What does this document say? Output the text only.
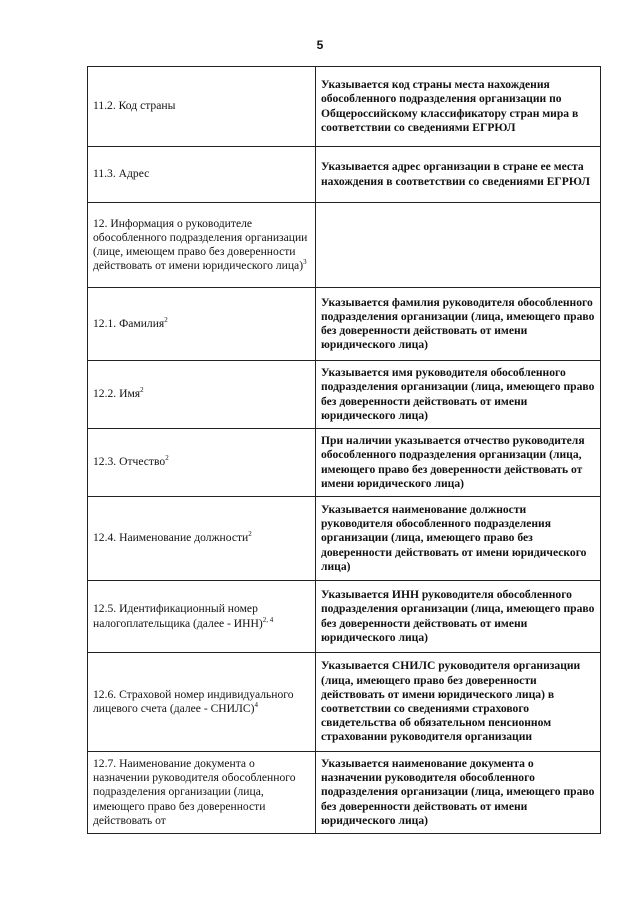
5
11.2. Код страны	Указывается код страны места нахождения обособленного подразделения организации по Общероссийскому классификатору стран мира в соответствии со сведениями ЕГРЮЛ
11.3. Адрес	Указывается адрес организации в стране ее места нахождения в соответствии со сведениями ЕГРЮЛ
12. Информация о руководителе обособленного подразделения организации (лице, имеющем право без доверенности действовать от имени юридического лица)$^3$	
12.1. Фамилия$^2$	Указывается фамилия руководителя обособленного подразделения организации (лица, имеющего право без доверенности действовать от имени юридического лица)
12.2. Имя$^2$	Указывается имя руководителя обособленного подразделения организации (лица, имеющего право без доверенности действовать от имени юридического лица)
12.3. Отчество$^2$	При наличии указывается отчество руководителя обособленного подразделения организации (лица, имеющего право без доверенности действовать от имени юридического лица)
12.4. Наименование должности$^2$	Указывается наименование должности руководителя обособленного подразделения организации (лица, имеющего право без доверенности действовать от имени юридического лица)
12.5. Идентификационный номер налогоплательщика (далее - ИНН)$^{2, 4}$	Указывается ИНН руководителя обособленного подразделения организации (лица, имеющего право без доверенности действовать от имени юридического лица)
12.6. Страховой номер индивидуального лицевого счета (далее - СНИЛС)$^4$	Указывается СНИЛС руководителя организации (лица, имеющего право без доверенности действовать от имени юридического лица) в соответствии со сведениями страхового свидетельства об обязательном пенсионном страховании руководителя организации
12.7. Наименование документа о назначении руководителя обособленного подразделения организации (лица, имеющего право без доверенности действовать от	Указывается наименование документа о назначении руководителя обособленного подразделения организации (лица, имеющего право без доверенности действовать от имени юридического лица)
